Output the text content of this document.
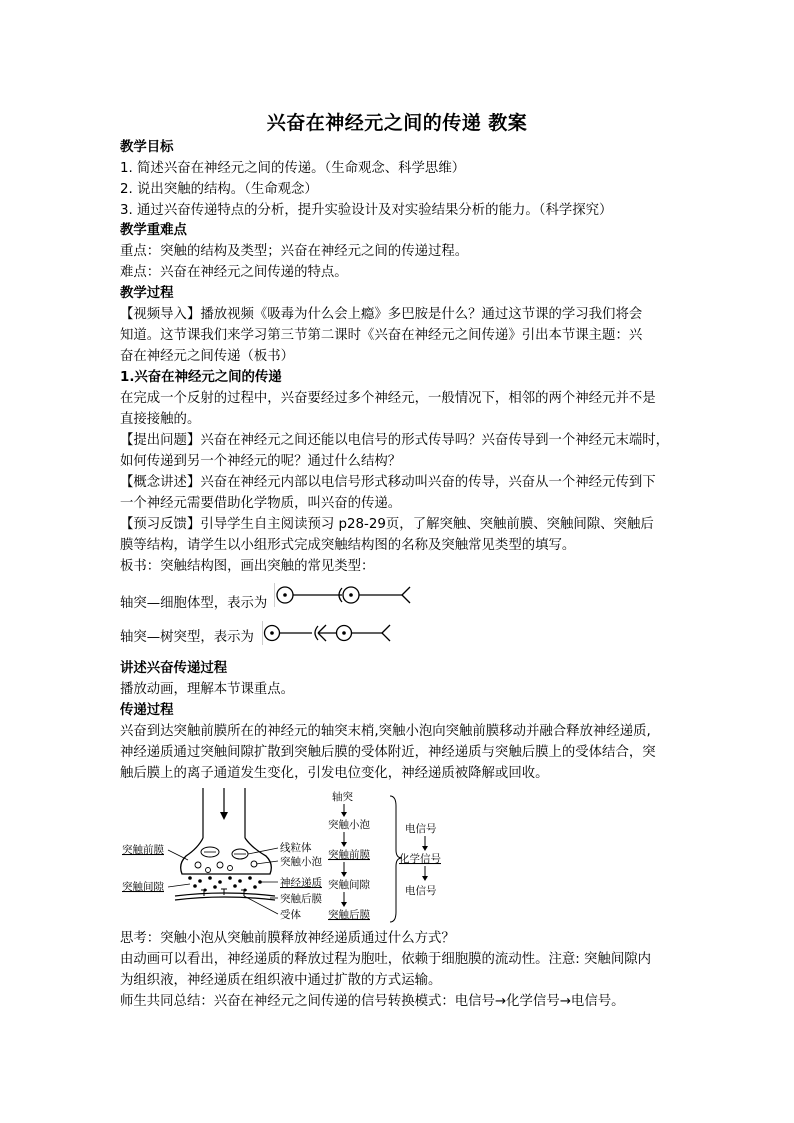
兴奋在神经元之间的传递 教案
教学目标
1. 简述兴奋在神经元之间的传递。（生命观念、科学思维）
2. 说出突触的结构。（生命观念）
3. 通过兴奋传递特点的分析，提升实验设计及对实验结果分析的能力。（科学探究）
教学重难点
重点：突触的结构及类型；兴奋在神经元之间的传递过程。
难点：兴奋在神经元之间传递的特点。
教学过程
【视频导入】播放视频《吸毒为什么会上瘾》多巴胺是什么？通过这节课的学习我们将会
知道。这节课我们来学习第三节第二课时《兴奋在神经元之间传递》引出本节课主题：兴
奋在神经元之间传递（板书）
1.兴奋在神经元之间的传递
在完成一个反射的过程中，兴奋要经过多个神经元，一般情况下，相邻的两个神经元并不是
直接接触的。
【提出问题】兴奋在神经元之间还能以电信号的形式传导吗？兴奋传导到一个神经元末端时，
如何传递到另一个神经元的呢？通过什么结构？
【概念讲述】兴奋在神经元内部以电信号形式移动叫兴奋的传导，兴奋从一个神经元传到下
一个神经元需要借助化学物质，叫兴奋的传递。
【预习反馈】引导学生自主阅读预习 p28-29页，了解突触、突触前膜、突触间隙、突触后
膜等结构，请学生以小组形式完成突触结构图的名称及突触常见类型的填写。
板书：突触结构图，画出突触的常见类型：
轴突—细胞体型，表示为
轴突—树突型，表示为
讲述兴奋传递过程
播放动画，理解本节课重点。
传递过程
兴奋到达突触前膜所在的神经元的轴突末梢,突触小泡向突触前膜移动并融合释放神经递质,
神经递质通过突触间隙扩散到突触后膜的受体附近，神经递质与突触后膜上的受体结合，突
触后膜上的离子通道发生变化，引发电位变化，神经递质被降解或回收。
突触前膜
突触间隙
线粒体
突触小泡
神经递质
突触后膜
受体
轴突
突触小泡
突触前膜
突触间隙
突触后膜
电信号
化学信号
电信号
思考：突触小泡从突触前膜释放神经递质通过什么方式？
由动画可以看出，神经递质的释放过程为胞吐，依赖于细胞膜的流动性。注意: 突触间隙内
为组织液，神经递质在组织液中通过扩散的方式运输。
师生共同总结：兴奋在神经元之间传递的信号转换模式：电信号→化学信号→电信号。
